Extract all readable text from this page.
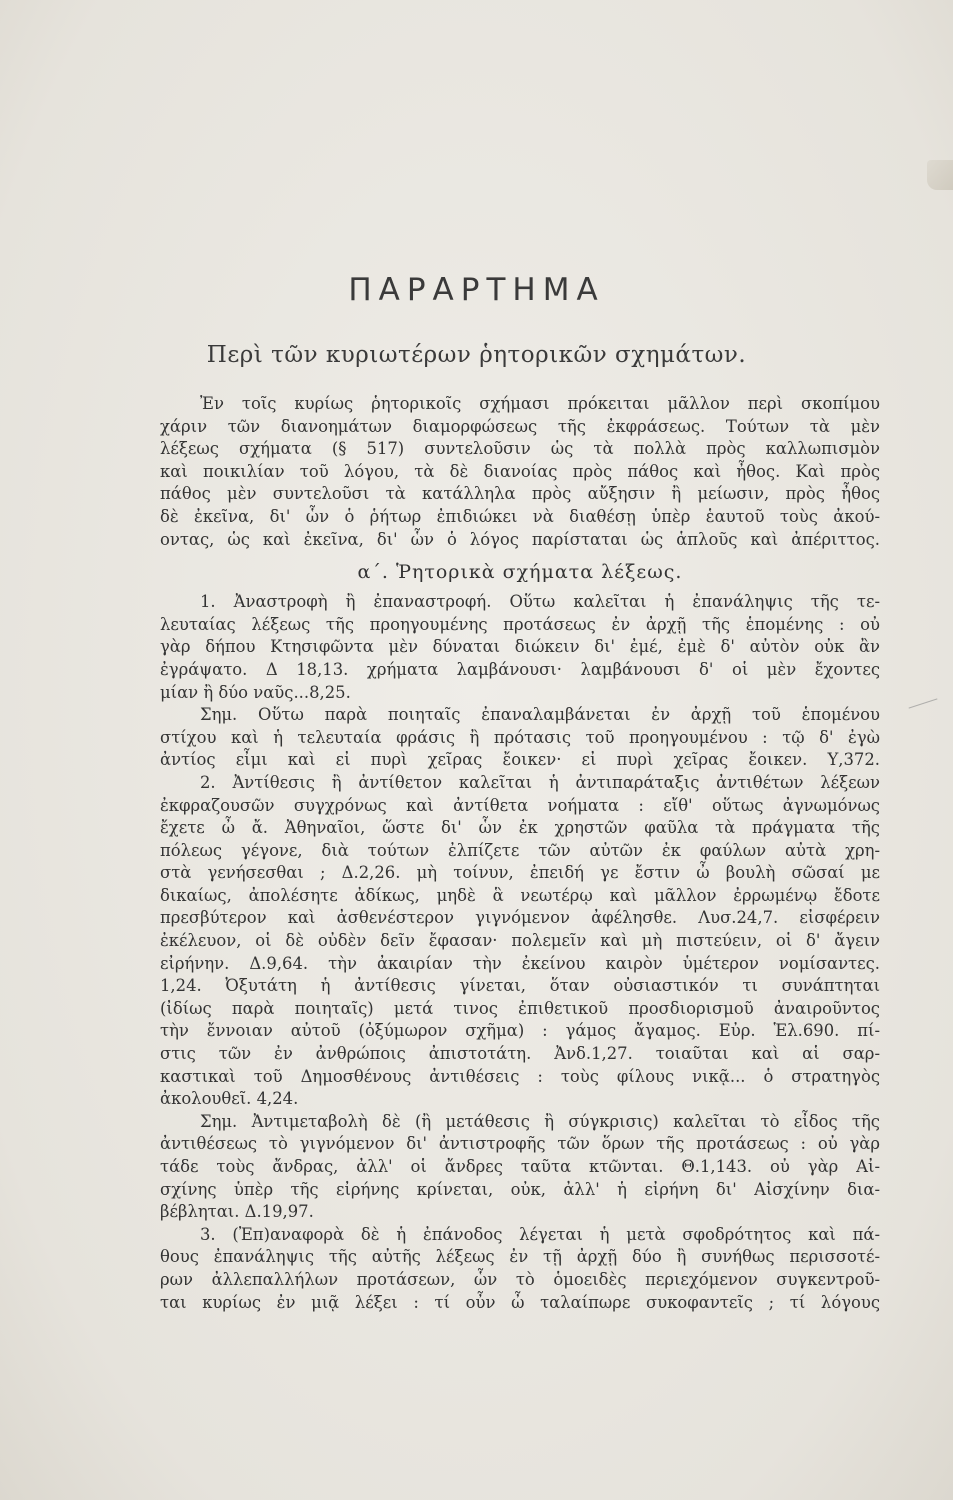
ΠΑΡΑΡΤΗΜΑ
Περὶ τῶν κυριωτέρων ῥητορικῶν σχημάτων.
Ἐν τοῖς κυρίως ῥητορικοῖς σχήμασι πρόκειται μᾶλλον περὶ σκοπίμου
χάριν τῶν διανοημάτων διαμορφώσεως τῆς ἐκφράσεως. Τούτων τὰ μὲν
λέξεως σχήματα (§ 517) συντελοῦσιν ὡς τὰ πολλὰ πρὸς καλλωπισμὸν
καὶ ποικιλίαν τοῦ λόγου, τὰ δὲ διανοίας πρὸς πάθος καὶ ἦθος. Καὶ πρὸς
πάθος μὲν συντελοῦσι τὰ κατάλληλα πρὸς αὔξησιν ἢ μείωσιν, πρὸς ἦθος
δὲ ἐκεῖνα, δι' ὧν ὁ ῥήτωρ ἐπιδιώκει νὰ διαθέσῃ ὑπὲρ ἑαυτοῦ τοὺς ἀκού-
οντας, ὡς καὶ ἐκεῖνα, δι' ὧν ὁ λόγος παρίσταται ὡς ἁπλοῦς καὶ ἀπέριττος.
α΄. Ῥητορικὰ σχήματα λέξεως.
1. Ἀναστροφὴ ἢ ἐπαναστροφή. Οὕτω καλεῖται ἡ ἐπανάληψις τῆς τε-
λευταίας λέξεως τῆς προηγουμένης προτάσεως ἐν ἀρχῇ τῆς ἑπομένης : οὐ
γὰρ δήπου Κτησιφῶντα μὲν δύναται διώκειν δι' ἐμέ, ἐμὲ δ' αὐτὸν οὐκ ἂν
ἐγράψατο. Δ 18,13. χρήματα λαμβάνουσι· λαμβάνουσι δ' οἱ μὲν ἔχοντες
μίαν ἢ δύο ναῦς...8,25.
Σημ. Οὕτω παρὰ ποιηταῖς ἐπαναλαμβάνεται ἐν ἀρχῇ τοῦ ἑπομένου
στίχου καὶ ἡ τελευταία φράσις ἢ πρότασις τοῦ προηγουμένου : τῷ δ' ἐγὼ
ἀντίος εἶμι καὶ εἰ πυρὶ χεῖρας ἔοικεν· εἰ πυρὶ χεῖρας ἔοικεν. Υ,372.
2. Ἀντίθεσις ἢ ἀντίθετον καλεῖται ἡ ἀντιπαράταξις ἀντιθέτων λέξεων
ἐκφραζουσῶν συγχρόνως καὶ ἀντίθετα νοήματα : εἴθ' οὕτως ἀγνωμόνως
ἔχετε ὦ ἄ. Ἀθηναῖοι, ὥστε δι' ὧν ἐκ χρηστῶν φαῦλα τὰ πράγματα τῆς
πόλεως γέγονε, διὰ τούτων ἐλπίζετε τῶν αὐτῶν ἐκ φαύλων αὐτὰ χρη-
στὰ γενήσεσθαι ; Δ.2,26. μὴ τοίνυν, ἐπειδή γε ἔστιν ὦ βουλὴ σῶσαί με
δικαίως, ἀπολέσητε ἀδίκως, μηδὲ ἃ νεωτέρῳ καὶ μᾶλλον ἐρρωμένῳ ἔδοτε
πρεσβύτερον καὶ ἀσθενέστερον γιγνόμενον ἀφέλησθε. Λυσ.24,7. εἰσφέρειν
ἐκέλευον, οἱ δὲ οὐδὲν δεῖν ἔφασαν· πολεμεῖν καὶ μὴ πιστεύειν, οἱ δ' ἄγειν
εἰρήνην. Δ.9,64. τὴν ἀκαιρίαν τὴν ἐκείνου καιρὸν ὑμέτερον νομίσαντες.
1,24. Ὀξυτάτη ἡ ἀντίθεσις γίνεται, ὅταν οὐσιαστικόν τι συνάπτηται
(ἰδίως παρὰ ποιηταῖς) μετά τινος ἐπιθετικοῦ προσδιορισμοῦ ἀναιροῦντος
τὴν ἔννοιαν αὐτοῦ (ὀξύμωρον σχῆμα) : γάμος ἄγαμος. Εὐρ. Ἑλ.690. πί-
στις τῶν ἐν ἀνθρώποις ἀπιστοτάτη. Ἀνδ.1,27. τοιαῦται καὶ αἱ σαρ-
καστικαὶ τοῦ Δημοσθένους ἀντιθέσεις : τοὺς φίλους νικᾷ... ὁ στρατηγὸς
ἀκολουθεῖ. 4,24.
Σημ. Ἀντιμεταβολὴ δὲ (ἢ μετάθεσις ἢ σύγκρισις) καλεῖται τὸ εἶδος τῆς
ἀντιθέσεως τὸ γιγνόμενον δι' ἀντιστροφῆς τῶν ὅρων τῆς προτάσεως : οὐ γὰρ
τάδε τοὺς ἄνδρας, ἀλλ' οἱ ἄνδρες ταῦτα κτῶνται. Θ.1,143. οὐ γὰρ Αἰ-
σχίνης ὑπὲρ τῆς εἰρήνης κρίνεται, οὐκ, ἀλλ' ἡ εἰρήνη δι' Αἰσχίνην δια-
βέβληται. Δ.19,97.
3. (Ἐπ)αναφορὰ δὲ ἡ ἐπάνοδος λέγεται ἡ μετὰ σφοδρότητος καὶ πά-
θους ἐπανάληψις τῆς αὐτῆς λέξεως ἐν τῇ ἀρχῇ δύο ἢ συνήθως περισσοτέ-
ρων ἀλλεπαλλήλων προτάσεων, ὧν τὸ ὁμοειδὲς περιεχόμενον συγκεντροῦ-
ται κυρίως ἐν μιᾷ λέξει : τί οὖν ὦ ταλαίπωρε συκοφαντεῖς ; τί λόγους
